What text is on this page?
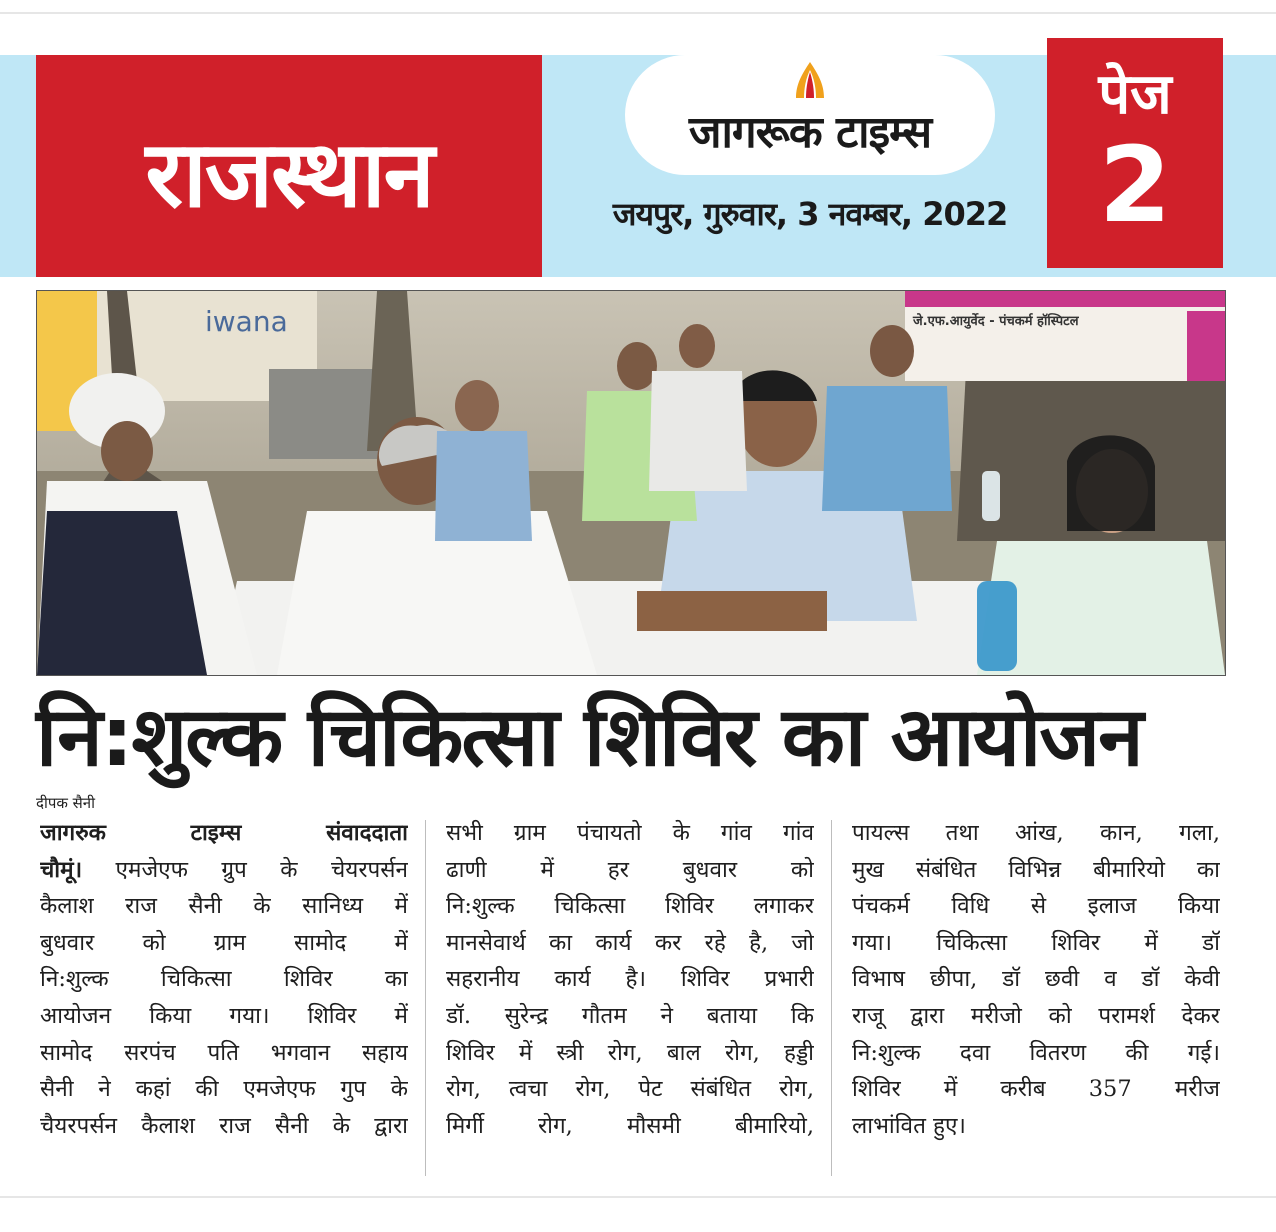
राजस्थान	जागरूक टाइम्स
जयपुर, गुरुवार, 3 नवम्बर, 2022
पेज
2
iwana	जे.एफ.आयुर्वेद - पंचकर्म हॉस्पिटल
नि:शुल्क चिकित्सा शिविर का आयोजन
दीपक सैनी
जागरुक टाइम्स संवाददाता
चौमूं। एमजेएफ ग्रुप के चेयरपर्सन
कैलाश राज सैनी के सानिध्य में
बुधवार को ग्राम सामोद में
नि:शुल्क चिकित्सा शिविर का
आयोजन किया गया। शिविर में
सामोद सरपंच पति भगवान सहाय
सैनी ने कहां की एमजेएफ गुप के
चैयरपर्सन कैलाश राज सैनी के द्वारा
सभी ग्राम पंचायतो के गांव गांव
ढाणी में हर बुधवार को
नि:शुल्क चिकित्सा शिविर लगाकर
मानसेवार्थ का कार्य कर रहे है, जो
सहरानीय कार्य है। शिविर प्रभारी
डॉ. सुरेन्द्र गौतम ने बताया कि
शिविर में स्त्री रोग, बाल रोग, हड्डी
रोग, त्वचा रोग, पेट संबंधित रोग,
मिर्गी रोग, मौसमी बीमारियो,
पायल्स तथा आंख, कान, गला,
मुख संबंधित विभिन्न बीमारियो का
पंचकर्म विधि से इलाज किया
गया। चिकित्सा शिविर में डॉ
विभाष छीपा, डॉ छवी व डॉ केवी
राजू द्वारा मरीजो को परामर्श देकर
नि:शुल्क दवा वितरण की गई।
शिविर में करीब 357 मरीज
लाभांवित हुए।
